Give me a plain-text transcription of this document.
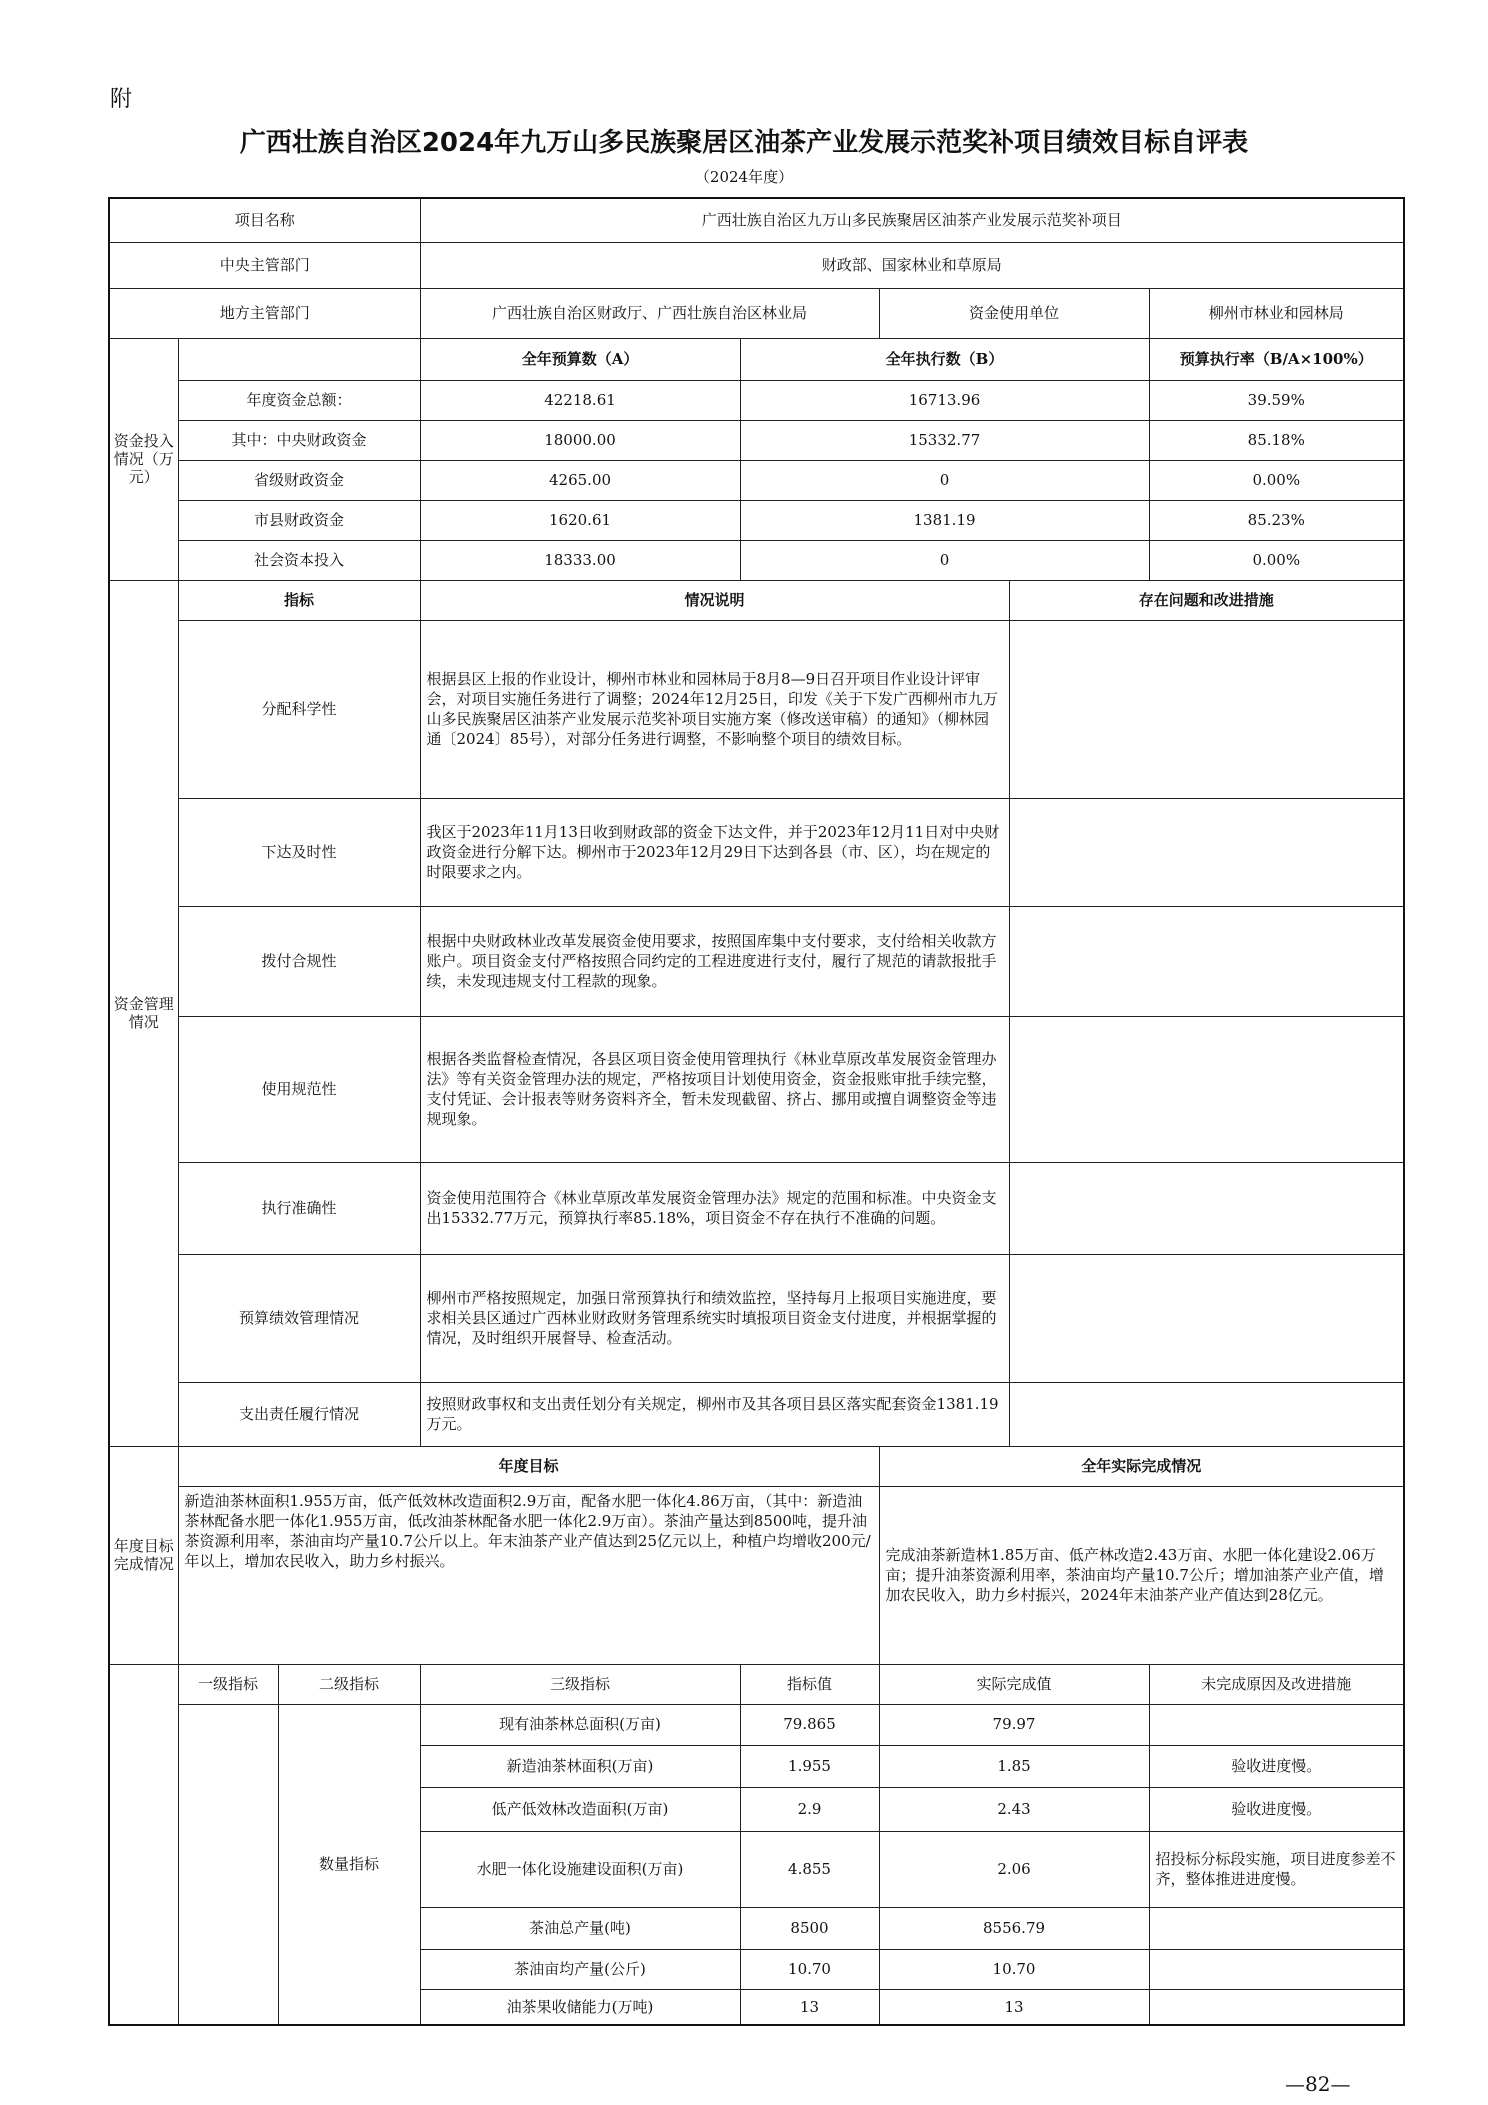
附
广西壮族自治区2024年九万山多民族聚居区油茶产业发展示范奖补项目绩效目标自评表
（2024年度）
项目名称			广西壮族自治区九万山多民族聚居区油茶产业发展示范奖补项目				
中央主管部门			财政部、国家林业和草原局				
地方主管部门			广西壮族自治区财政厅、广西壮族自治区林业局		资金使用单位		柳州市林业和园林局
资金投入情况（万元）			全年预算数（A）	全年执行数（B）			预算执行率（B/A×100%）
	年度资金总额：		42218.61	16713.96			39.59%
	其中：中央财政资金		18000.00	15332.77			85.18%
	省级财政资金		4265.00	0			0.00%
	市县财政资金		1620.61	1381.19			85.23%
	社会资本投入		18333.00	0			0.00%
资金管理情况	指标		情况说明			存在问题和改进措施	
	分配科学性		根据县区上报的作业设计，柳州市林业和园林局于8月8—9日召开项目作业设计评审会，对项目实施任务进行了调整；2024年12月25日，印发《关于下发广西柳州市九万山多民族聚居区油茶产业发展示范奖补项目实施方案（修改送审稿）的通知》（柳林园通〔2024〕85号），对部分任务进行调整，不影响整个项目的绩效目标。				
	下达及时性		我区于2023年11月13日收到财政部的资金下达文件，并于2023年12月11日对中央财政资金进行分解下达。柳州市于2023年12月29日下达到各县（市、区），均在规定的时限要求之内。				
	拨付合规性		根据中央财政林业改革发展资金使用要求，按照国库集中支付要求，支付给相关收款方账户。项目资金支付严格按照合同约定的工程进度进行支付，履行了规范的请款报批手续，未发现违规支付工程款的现象。				
	使用规范性		根据各类监督检查情况，各县区项目资金使用管理执行《林业草原改革发展资金管理办法》等有关资金管理办法的规定，严格按项目计划使用资金，资金报账审批手续完整，支付凭证、会计报表等财务资料齐全，暂未发现截留、挤占、挪用或擅自调整资金等违规现象。				
	执行准确性		资金使用范围符合《林业草原改革发展资金管理办法》规定的范围和标准。中央资金支出15332.77万元，预算执行率85.18%，项目资金不存在执行不准确的问题。				
	预算绩效管理情况		柳州市严格按照规定，加强日常预算执行和绩效监控，坚持每月上报项目实施进度，要求相关县区通过广西林业财政财务管理系统实时填报项目资金支付进度，并根据掌握的情况，及时组织开展督导、检查活动。				
	支出责任履行情况		按照财政事权和支出责任划分有关规定，柳州市及其各项目县区落实配套资金1381.19万元。				
年度目标完成情况	年度目标				全年实际完成情况		
	新造油茶林面积1.955万亩，低产低效林改造面积2.9万亩，配备水肥一体化4.86万亩，（其中：新造油茶林配备水肥一体化1.955万亩，低改油茶林配备水肥一体化2.9万亩）。茶油产量达到8500吨，提升油茶资源利用率，茶油亩均产量10.7公斤以上。年末油茶产业产值达到25亿元以上，种植户均增收200元/年以上，增加农民收入，助力乡村振兴。				完成油茶新造林1.85万亩、低产林改造2.43万亩、水肥一体化建设2.06万亩；提升油茶资源利用率，茶油亩均产量10.7公斤；增加油茶产业产值，增加农民收入，助力乡村振兴，2024年末油茶产业产值达到28亿元。		
	一级指标	二级指标	三级指标	指标值	实际完成值		未完成原因及改进措施
		数量指标	现有油茶林总面积(万亩)	79.865	79.97		
			新造油茶林面积(万亩)	1.955	1.85		验收进度慢。
			低产低效林改造面积(万亩)	2.9	2.43		验收进度慢。
			水肥一体化设施建设面积(万亩)	4.855	2.06		招投标分标段实施，项目进度参差不齐，整体推进进度慢。
			茶油总产量(吨)	8500	8556.79		
			茶油亩均产量(公斤)	10.70	10.70		
			油茶果收储能力(万吨)	13	13		
—82—
